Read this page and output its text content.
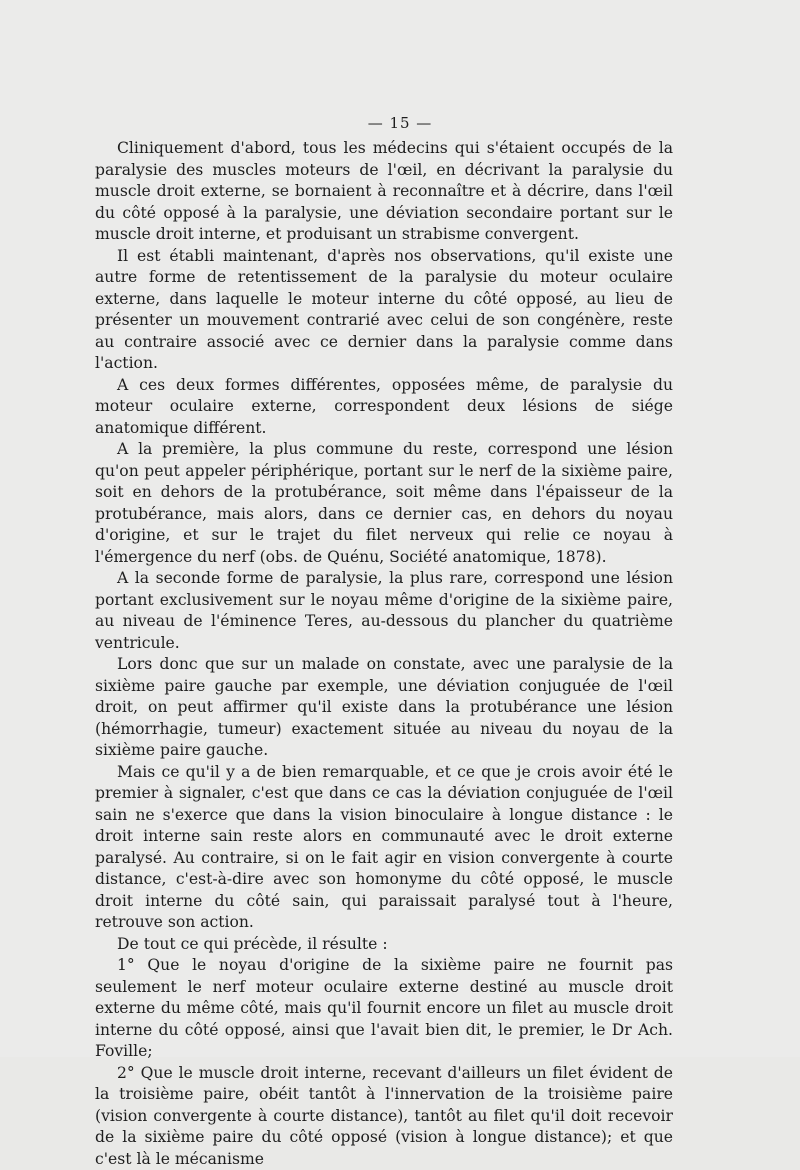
— 15 —

Cliniquement d'abord, tous les médecins qui s'étaient occupés de la paralysie des muscles moteurs de l'œil, en décrivant la paralysie du muscle droit externe, se bornaient à reconnaître et à décrire, dans l'œil du côté opposé à la paralysie, une déviation secondaire portant sur le muscle droit interne, et produisant un strabisme convergent.

Il est établi maintenant, d'après nos observations, qu'il existe une autre forme de retentissement de la paralysie du moteur oculaire externe, dans laquelle le moteur interne du côté opposé, au lieu de présenter un mouvement contrarié avec celui de son congénère, reste au contraire associé avec ce dernier dans la paralysie comme dans l'action.

A ces deux formes différentes, opposées même, de paralysie du moteur oculaire externe, correspondent deux lésions de siége anatomique différent.

A la première, la plus commune du reste, correspond une lésion qu'on peut appeler périphérique, portant sur le nerf de la sixième paire, soit en dehors de la protubérance, soit même dans l'épaisseur de la protubérance, mais alors, dans ce dernier cas, en dehors du noyau d'origine, et sur le trajet du filet nerveux qui relie ce noyau à l'émergence du nerf (obs. de Quénu, Société anatomique, 1878).

A la seconde forme de paralysie, la plus rare, correspond une lésion portant exclusivement sur le noyau même d'origine de la sixième paire, au niveau de l'éminence Teres, au-dessous du plancher du quatrième ventricule.

Lors donc que sur un malade on constate, avec une paralysie de la sixième paire gauche par exemple, une déviation conjuguée de l'œil droit, on peut affirmer qu'il existe dans la protubérance une lésion (hémorrhagie, tumeur) exactement située au niveau du noyau de la sixième paire gauche.

Mais ce qu'il y a de bien remarquable, et ce que je crois avoir été le premier à signaler, c'est que dans ce cas la déviation conjuguée de l'œil sain ne s'exerce que dans la vision binoculaire à longue distance : le droit interne sain reste alors en communauté avec le droit externe paralysé. Au contraire, si on le fait agir en vision convergente à courte distance, c'est-à-dire avec son homonyme du côté opposé, le muscle droit interne du côté sain, qui paraissait paralysé tout à l'heure, retrouve son action.

De tout ce qui précède, il résulte :

1° Que le noyau d'origine de la sixième paire ne fournit pas seulement le nerf moteur oculaire externe destiné au muscle droit externe du même côté, mais qu'il fournit encore un filet au muscle droit interne du côté opposé, ainsi que l'avait bien dit, le premier, le Dr Ach. Foville;

2° Que le muscle droit interne, recevant d'ailleurs un filet évident de la troisième paire, obéit tantôt à l'innervation de la troisième paire (vision convergente à courte distance), tantôt au filet qu'il doit recevoir de la sixième paire du côté opposé (vision à longue distance); et que c'est là le mécanisme
